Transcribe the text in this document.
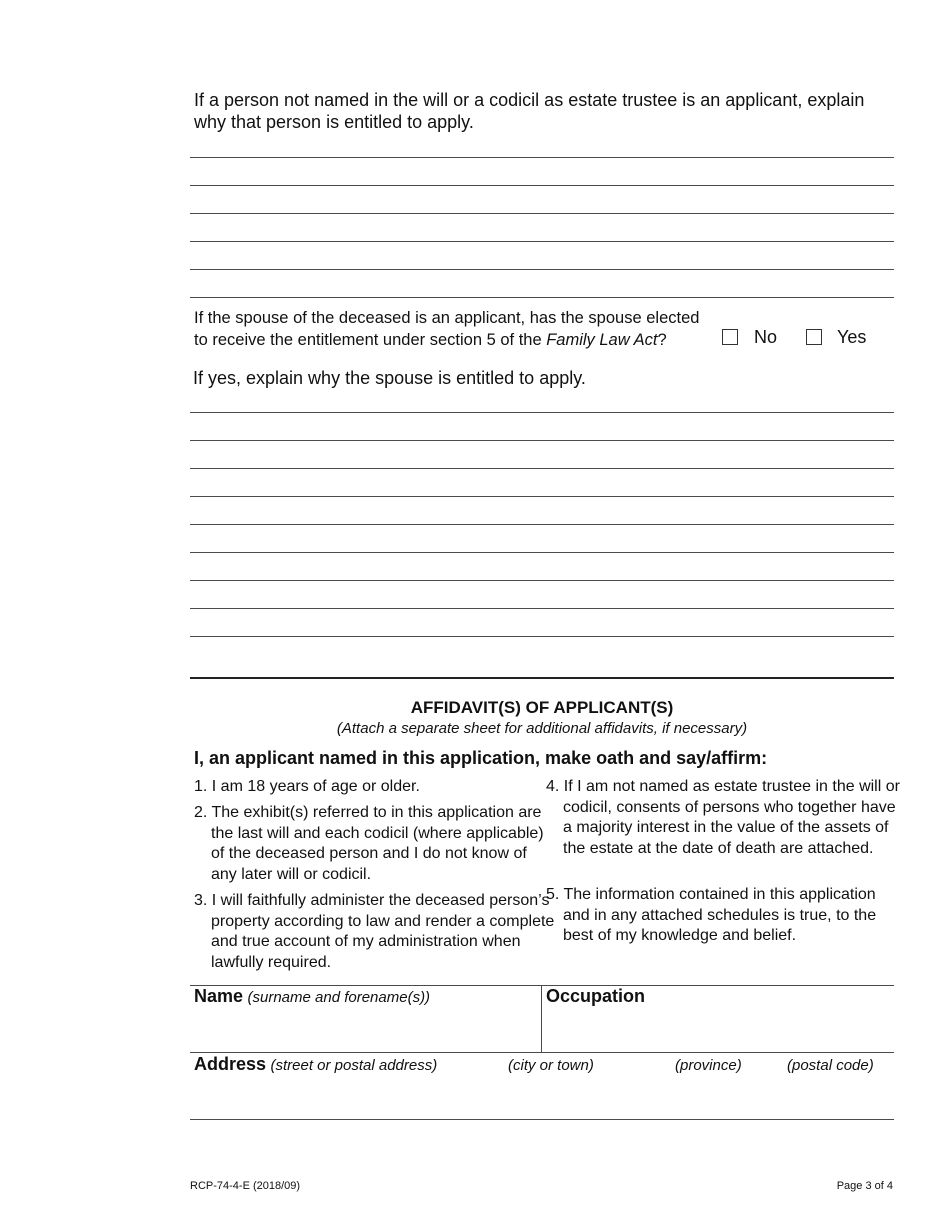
If a person not named in the will or a codicil as estate trustee is an applicant, explain why that person is entitled to apply.
If the spouse of the deceased is an applicant, has the spouse elected to receive the entitlement under section 5 of the Family Law Act?	No	Yes
If yes, explain why the spouse is entitled to apply.
AFFIDAVIT(S) OF APPLICANT(S)
(Attach a separate sheet for additional affidavits, if necessary)
I, an applicant named in this application, make oath and say/affirm:
1. I am 18 years of age or older.
2. The exhibit(s) referred to in this application are the last will and each codicil (where applicable) of the deceased person and I do not know of any later will or codicil.
3. I will faithfully administer the deceased person’s property according to law and render a complete and true account of my administration when lawfully required.
4. If I am not named as estate trustee in the will or codicil, consents of persons who together have a majority interest in the value of the assets of the estate at the date of death are attached.
5. The information contained in this application and in any attached schedules is true, to the best of my knowledge and belief.
Name (surname and forename(s))	Occupation
Address (street or postal address)	(city or town)	(province)	(postal code)
RCP-74-4-E (2018/09)	Page 3 of 4
